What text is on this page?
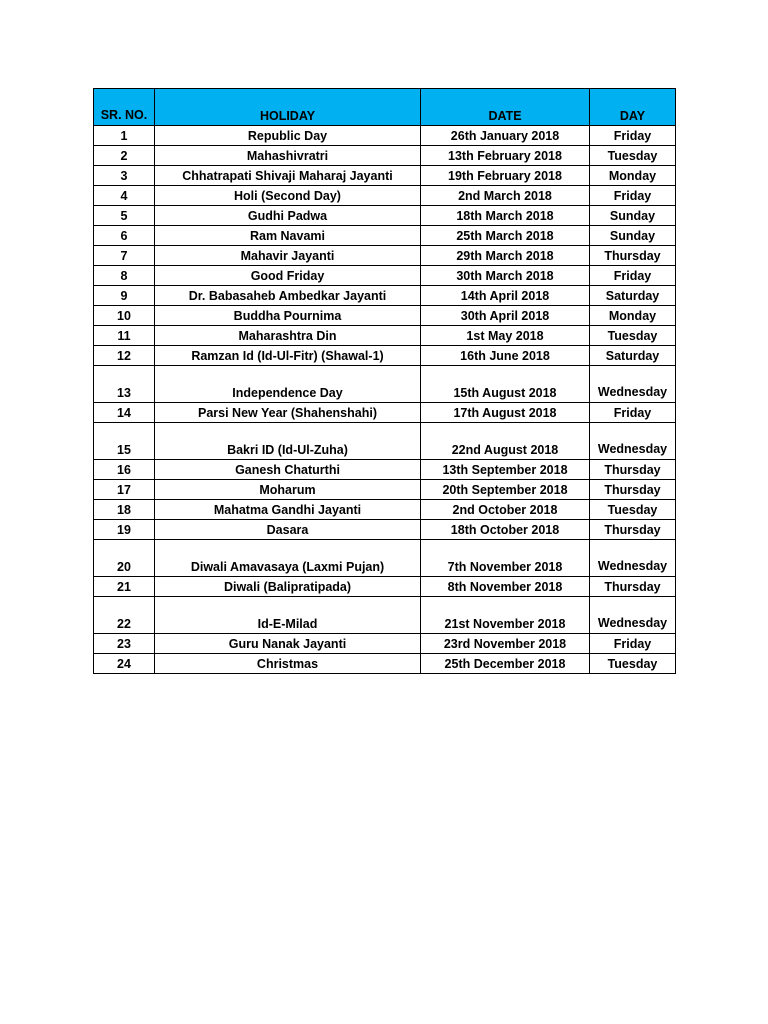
SR. NO.	HOLIDAY	DATE	DAY
1	Republic Day	26th January 2018	Friday
2	Mahashivratri	13th February 2018	Tuesday
3	Chhatrapati Shivaji Maharaj Jayanti	19th February 2018	Monday
4	Holi (Second Day)	2nd March 2018	Friday
5	Gudhi Padwa	18th March 2018	Sunday
6	Ram Navami	25th March 2018	Sunday
7	Mahavir Jayanti	29th March 2018	Thursday
8	Good Friday	30th March 2018	Friday
9	Dr. Babasaheb Ambedkar Jayanti	14th April 2018	Saturday
10	Buddha Pournima	30th April 2018	Monday
11	Maharashtra Din	1st May 2018	Tuesday
12	Ramzan Id (Id-Ul-Fitr) (Shawal-1)	16th June 2018	Saturday
13	Independence Day	15th August 2018	Wednesday
14	Parsi New Year (Shahenshahi)	17th August 2018	Friday
15	Bakri ID (Id-Ul-Zuha)	22nd August 2018	Wednesday
16	Ganesh Chaturthi	13th September 2018	Thursday
17	Moharum	20th September 2018	Thursday
18	Mahatma Gandhi Jayanti	2nd October 2018	Tuesday
19	Dasara	18th October 2018	Thursday
20	Diwali Amavasaya (Laxmi Pujan)	7th November 2018	Wednesday
21	Diwali (Balipratipada)	8th November 2018	Thursday
22	Id-E-Milad	21st November 2018	Wednesday
23	Guru Nanak Jayanti	23rd November 2018	Friday
24	Christmas	25th December 2018	Tuesday
